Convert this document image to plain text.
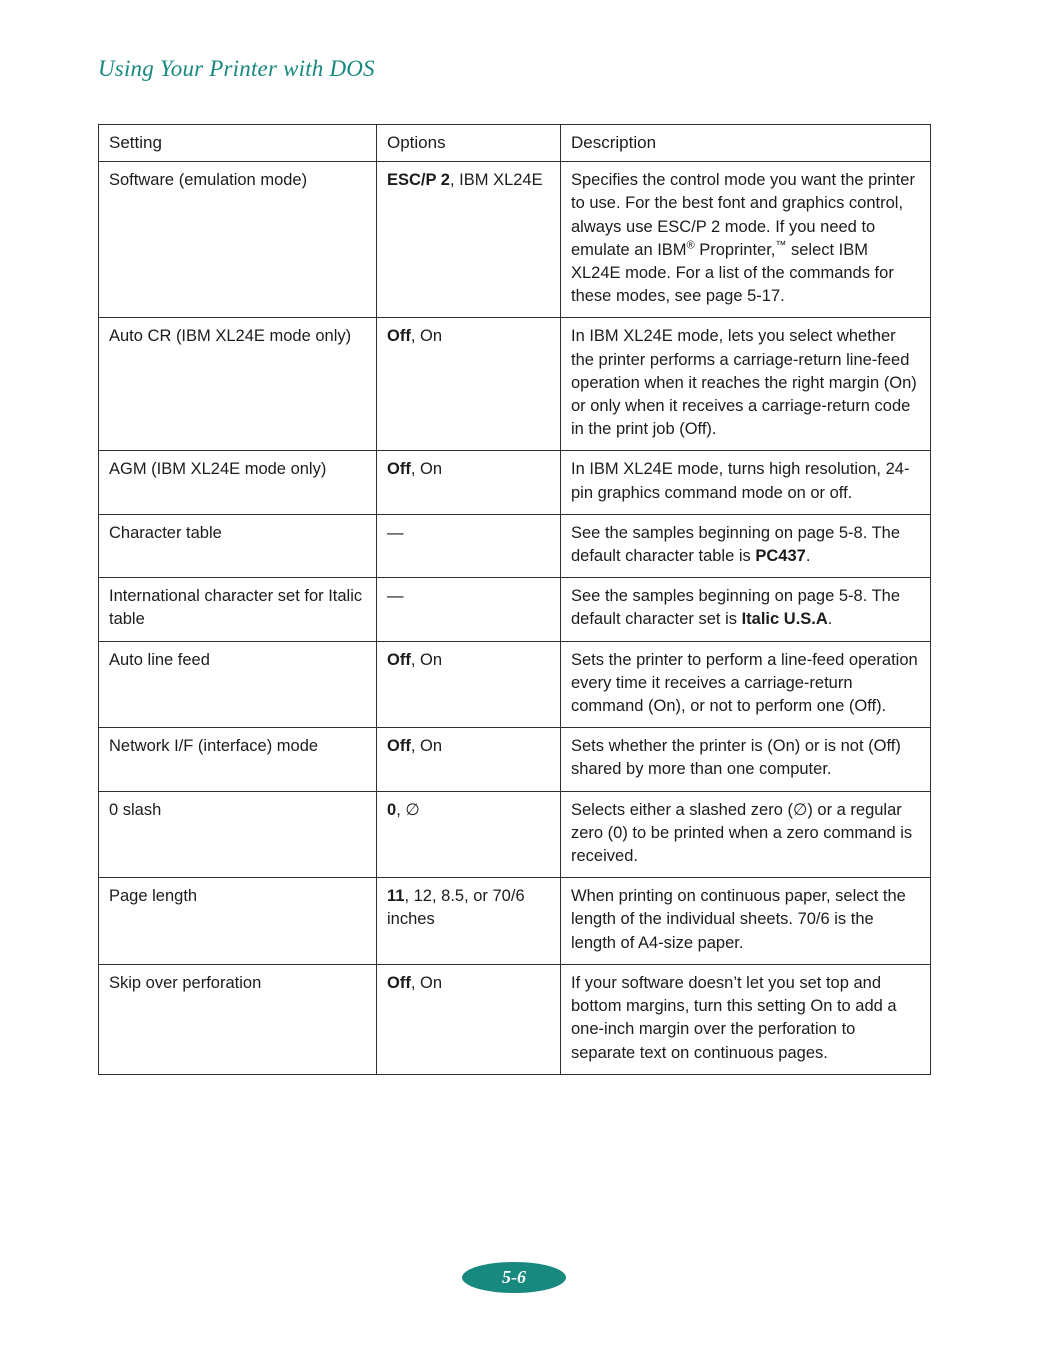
Using Your Printer with DOS
Setting	Options	Description
Software (emulation mode)	ESC/P 2, IBM XL24E	Specifies the control mode you want the printer to use. For the best font and graphics control, always use ESC/P 2 mode. If you need to emulate an IBM® Proprinter,™ select IBM XL24E mode. For a list of the commands for these modes, see page 5-17.
Auto CR (IBM XL24E mode only)	Off, On	In IBM XL24E mode, lets you select whether the printer performs a carriage-return line-feed operation when it reaches the right margin (On) or only when it receives a carriage-return code in the print job (Off).
AGM (IBM XL24E mode only)	Off, On	In IBM XL24E mode, turns high resolution, 24-pin graphics command mode on or off.
Character table	—	See the samples beginning on page 5-8. The default character table is PC437.
International character set for Italic table	—	See the samples beginning on page 5-8. The default character set is Italic U.S.A.
Auto line feed	Off, On	Sets the printer to perform a line-feed operation every time it receives a carriage-return command (On), or not to perform one (Off).
Network I/F (interface) mode	Off, On	Sets whether the printer is (On) or is not (Off) shared by more than one computer.
0 slash	0, ∅	Selects either a slashed zero (∅) or a regular zero (0) to be printed when a zero command is received.
Page length	11, 12, 8.5, or 70/6 inches	When printing on continuous paper, select the length of the individual sheets. 70/6 is the length of A4-size paper.
Skip over perforation	Off, On	If your software doesn’t let you set top and bottom margins, turn this setting On to add a one-inch margin over the perforation to separate text on continuous pages.
5-6
